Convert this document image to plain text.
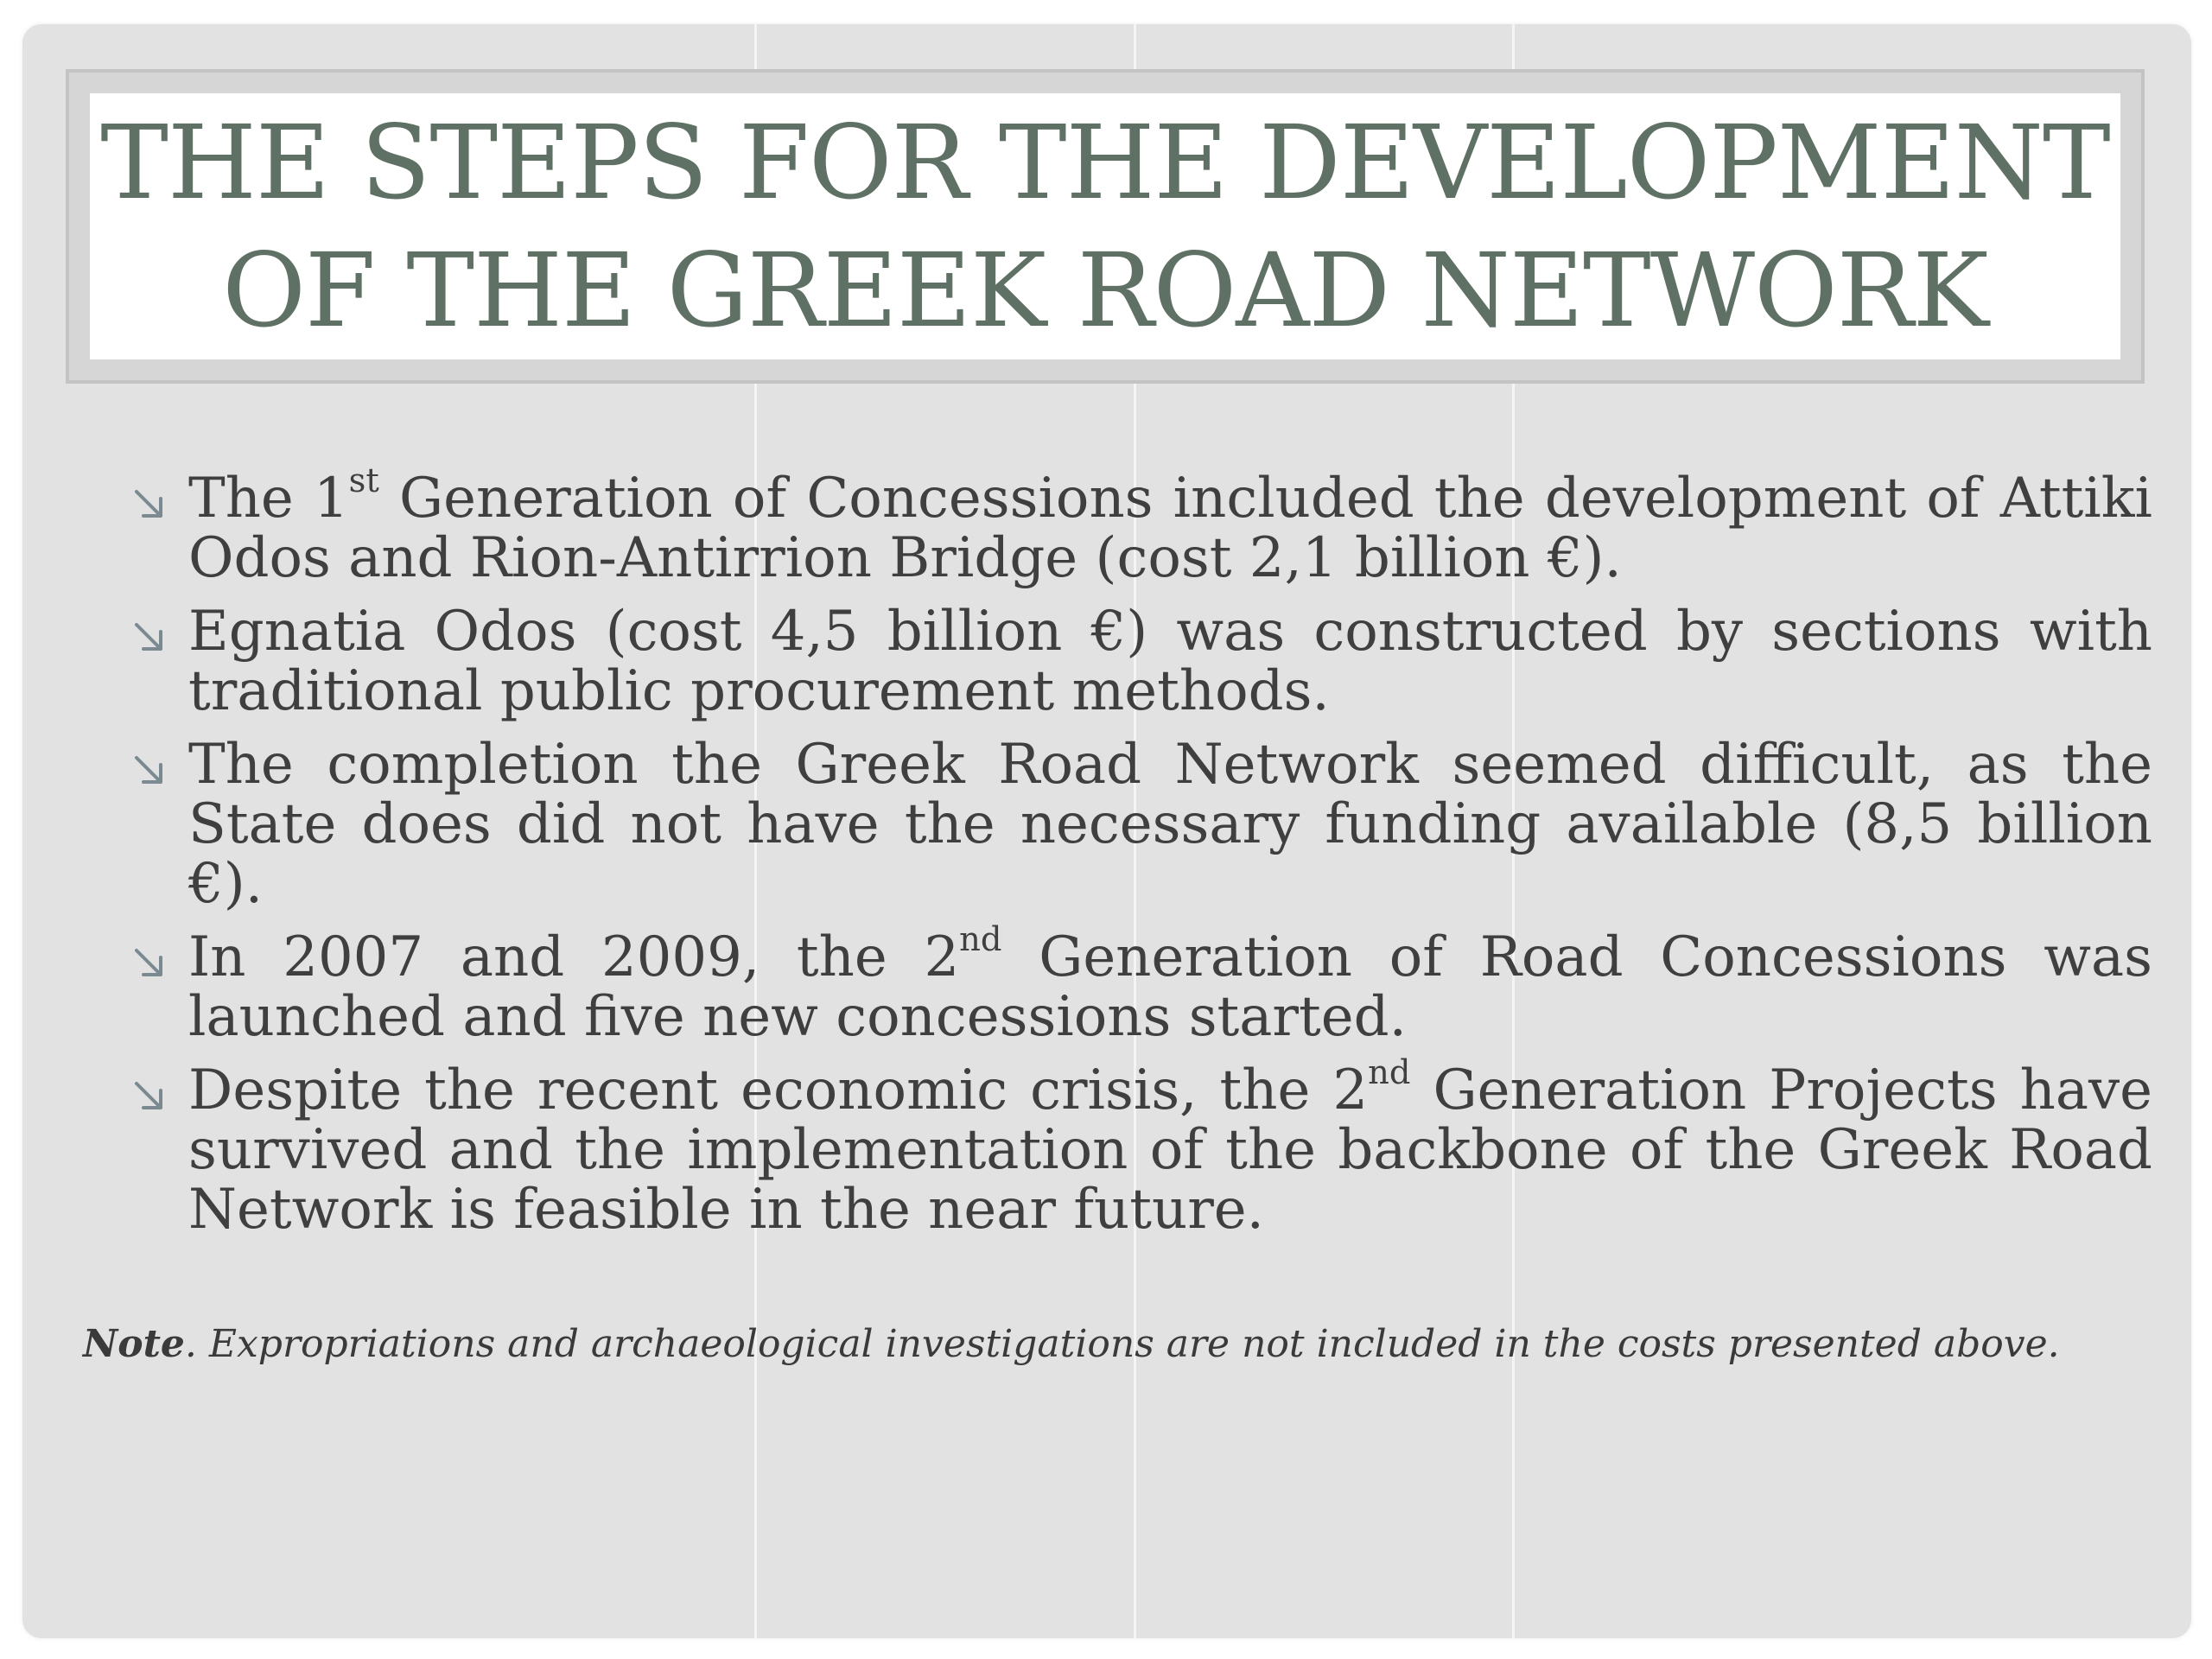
THE STEPS FOR THE DEVELOPMENT OF THE GREEK ROAD NETWORK
The 1st Generation of Concessions included the development of Attiki Odos and Rion-Antirrion Bridge (cost 2,1 billion €).
Egnatia Odos (cost 4,5 billion €) was constructed by sections with traditional public procurement methods.
The completion the Greek Road Network seemed difficult, as the State does did not have the necessary funding available (8,5 billion €).
In 2007 and 2009, the 2nd Generation of Road Concessions was launched and five new concessions started.
Despite the recent economic crisis, the 2nd Generation Projects have survived and the implementation of the backbone of the Greek Road Network is feasible in the near future.

Note. Expropriations and archaeological investigations are not included in the costs presented above.
